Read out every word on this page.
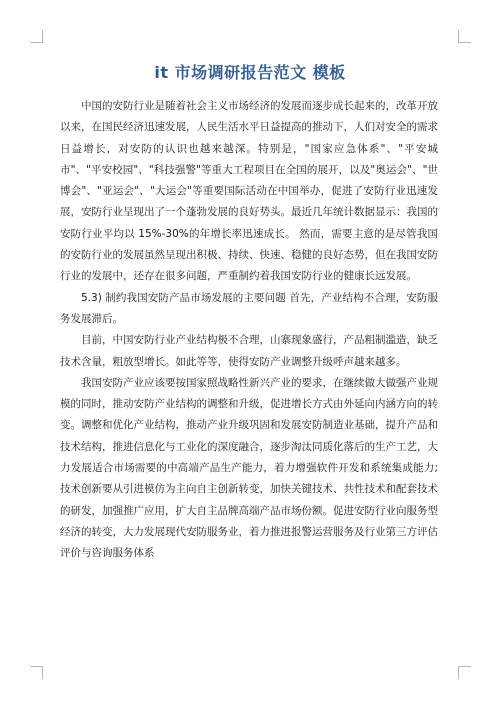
it 市场调研报告范文 模板

中国的安防行业是随着社会主义市场经济的发展而逐步成长起来的，改革开放以来，在国民经济迅速发展，人民生活水平日益提高的推动下，人们对安全的需求日益增长，对安防的认识也越来越深。特别是，"国家应急体系"、"平安城市"、"平安校园"、"科技强警"等重大工程项目在全国的展开，以及"奥运会"、"世博会"、"亚运会"、"大运会"等重要国际活动在中国举办，促进了安防行业迅速发展，安防行业呈现出了一个蓬勃发展的良好势头。最近几年统计数据显示：我国的安防行业平均以 15%-30%的年增长率迅速成长。 然而，需要主意的是尽管我国的安防行业的发展虽然呈现出积极、持续、快速、稳健的良好态势，但在我国安防行业的发展中，还存在很多问题，严重制约着我国安防行业的健康长远发展。

5.3) 制约我国安防产品市场发展的主要问题 首先，产业结构不合理，安防服务发展滞后。

目前，中国安防行业产业结构极不合理，山寨现象盛行，产品粗制滥造，缺乏技术含量，粗放型增长。如此等等，使得安防产业调整升级呼声越来越多。

我国安防产业应该要按国家照战略性新兴产业的要求，在继续做大做强产业规模的同时，推动安防产业结构的调整和升级，促进增长方式由外延向内涵方向的转变。调整和优化产业结构，推动产业升级巩固和发展安防制造业基础，提升产品和技术结构，推进信息化与工业化的深度融合，逐步淘汰同质化落后的生产工艺，大力发展适合市场需要的中高端产品生产能力，着力增强软件开发和系统集成能力;技术创新要从引进模仿为主向自主创新转变，加快关键技术、共性技术和配套技术的研发，加强推广应用，扩大自主品牌高端产品市场份额。促进安防行业向服务型经济的转变，大力发展现代安防服务业，着力推进报警运营服务及行业第三方评估评价与咨询服务体系
